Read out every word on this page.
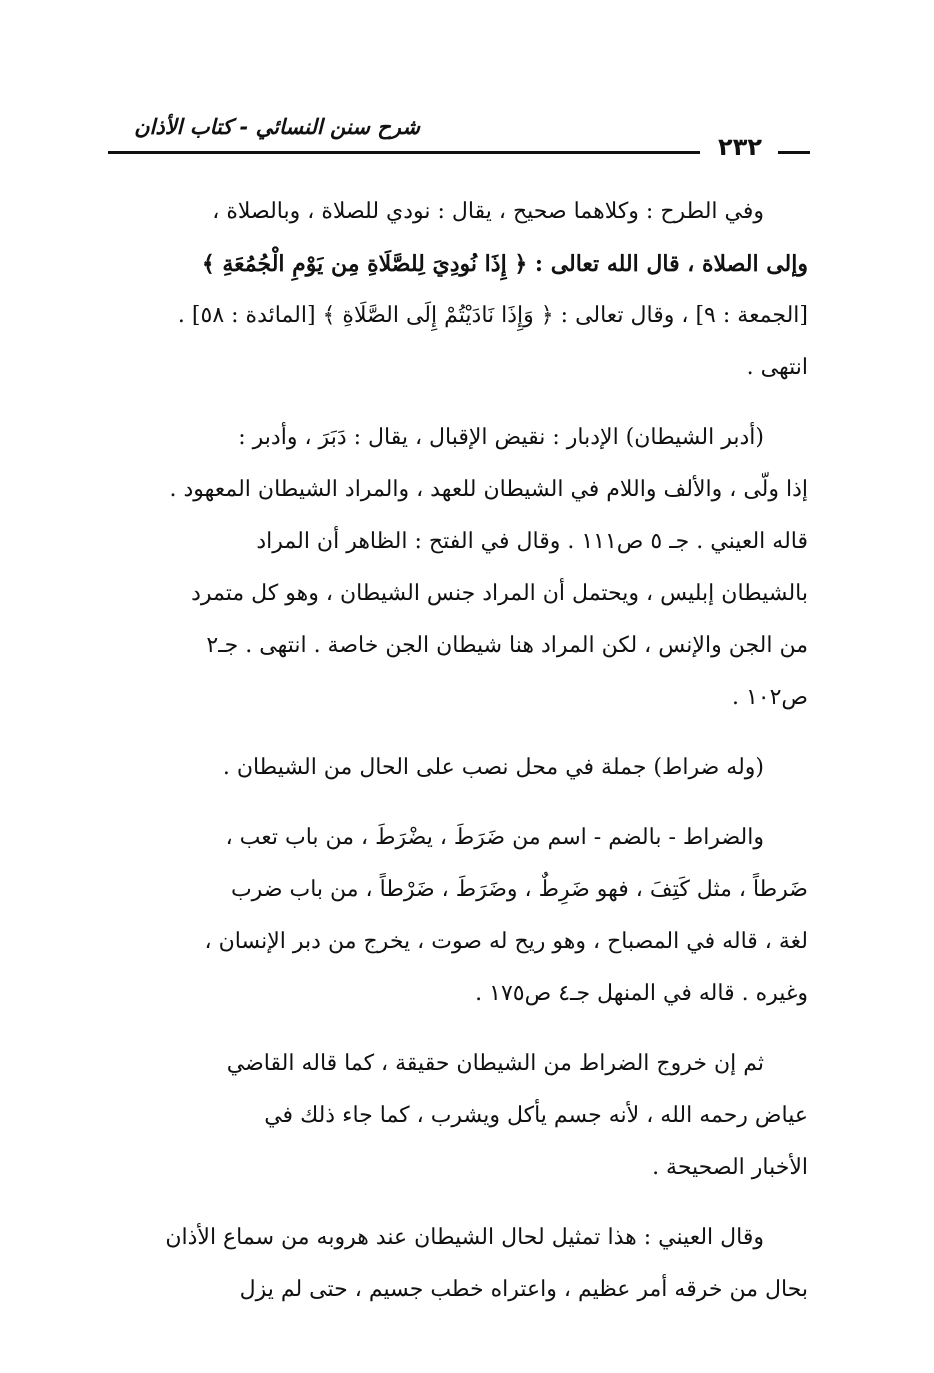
شرح سنن النسائي - كتاب الأذان
٢٣٢
وفي الطرح : وكلاهما صحيح ، يقال : نودي للصلاة ، وبالصلاة ،
وإلى الصلاة ، قال الله تعالى : ﴿ إِذَا نُودِيَ لِلصَّلَاةِ مِن يَوْمِ الْجُمُعَةِ ﴾
[الجمعة : ٩] ، وقال تعالى : ﴿ وَإِذَا نَادَيْتُمْ إِلَى الصَّلَاةِ ﴾ [المائدة : ٥٨] .
انتهى .
(أدبر الشيطان) الإدبار : نقيض الإقبال ، يقال : دَبَرَ ، وأدبر :
إذا ولّى ، والألف واللام في الشيطان للعهد ، والمراد الشيطان المعهود .
قاله العيني . جـ ٥ ص١١١ . وقال في الفتح : الظاهر أن المراد
بالشيطان إبليس ، ويحتمل أن المراد جنس الشيطان ، وهو كل متمرد
من الجن والإنس ، لكن المراد هنا شيطان الجن خاصة . انتهى . جـ٢
ص١٠٢ .
(وله ضراط) جملة في محل نصب على الحال من الشيطان .
والضراط - بالضم - اسم من ضَرَطَ ، يضْرَطَ ، من باب تعب ،
ضَرطاً ، مثل كَتِفَ ، فهو ضَرِطٌ ، وضَرَطَ ، ضَرْطاً ، من باب ضرب
لغة ، قاله في المصباح ، وهو ريح له صوت ، يخرج من دبر الإنسان ،
وغيره . قاله في المنهل جـ٤ ص١٧٥ .
ثم إن خروج الضراط من الشيطان حقيقة ، كما قاله القاضي
عياض رحمه الله ، لأنه جسم يأكل ويشرب ، كما جاء ذلك في
الأخبار الصحيحة .
وقال العيني : هذا تمثيل لحال الشيطان عند هروبه من سماع الأذان
بحال من خرقه أمر عظيم ، واعتراه خطب جسيم ، حتى لم يزل
